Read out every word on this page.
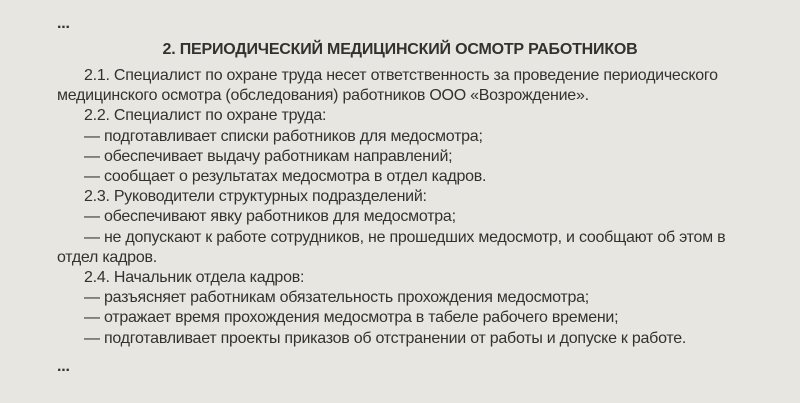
...

2. ПЕРИОДИЧЕСКИЙ МЕДИЦИНСКИЙ ОСМОТР РАБОТНИКОВ

2.1. Специалист по охране труда несет ответственность за проведение периодического медицинского осмотра (обследования) работников ООО «Возрождение».

2.2. Специалист по охране труда:

— подготавливает списки работников для медосмотра;

— обеспечивает выдачу работникам направлений;

— сообщает о результатах медосмотра в отдел кадров.

2.3. Руководители структурных подразделений:

— обеспечивают явку работников для медосмотра;

— не допускают к работе сотрудников, не прошедших медосмотр, и сообщают об этом в отдел кадров.

2.4. Начальник отдела кадров:

— разъясняет работникам обязательность прохождения медосмотра;

— отражает время прохождения медосмотра в табеле рабочего времени;

— подготавливает проекты приказов об отстранении от работы и допуске к работе.

...
